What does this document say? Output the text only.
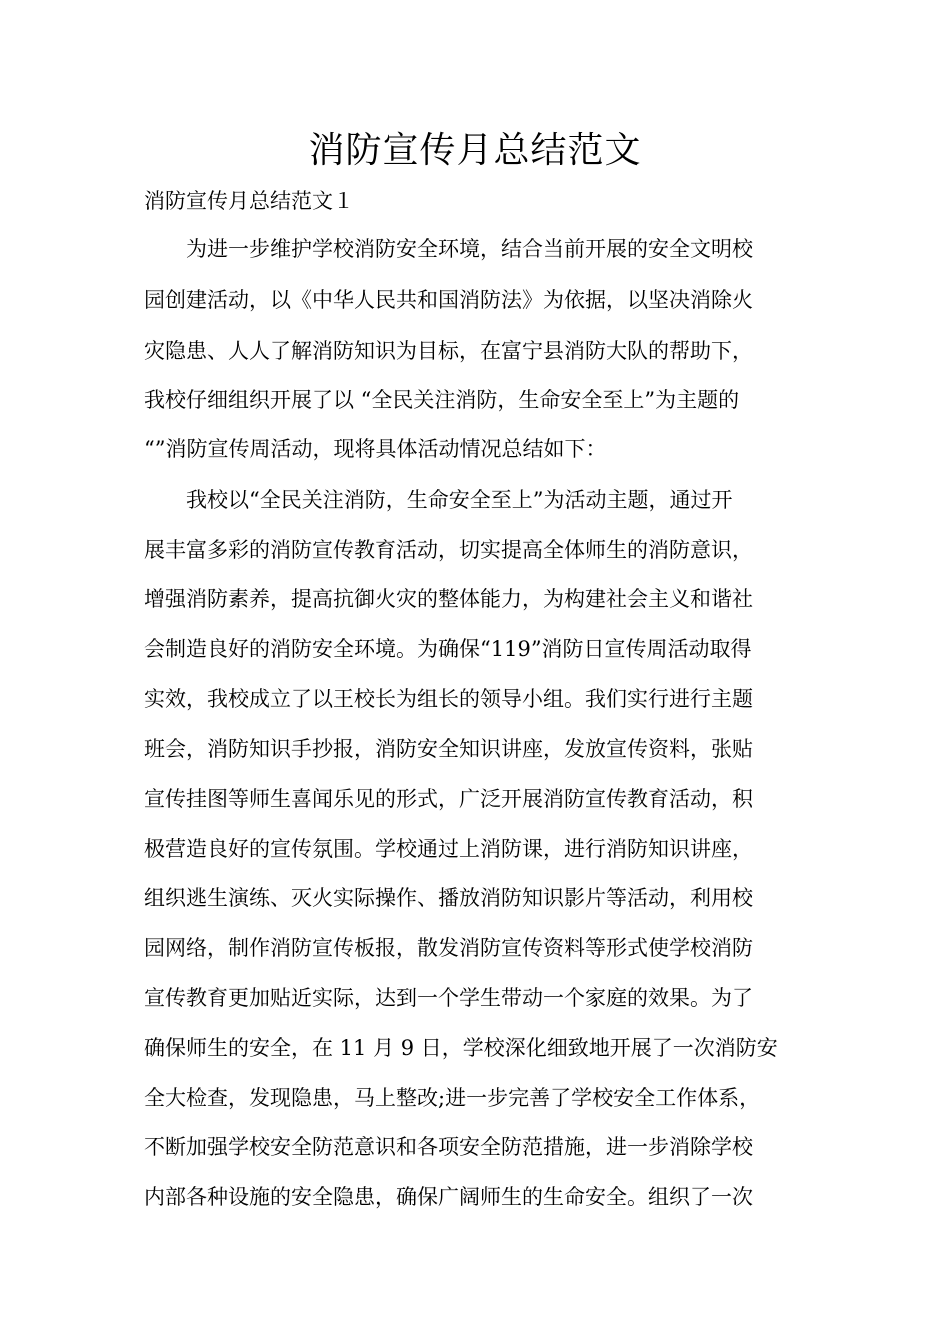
消防宣传月总结范文
消防宣传月总结范文１
　　为进一步维护学校消防安全环境，结合当前开展的安全文明校
园创建活动，以《中华人民共和国消防法》为依据，以坚决消除火
灾隐患、人人了解消防知识为目标，在富宁县消防大队的帮助下，
我校仔细组织开展了以 “全民关注消防，生命安全至上”为主题的
“”消防宣传周活动，现将具体活动情况总结如下：
　　我校以“全民关注消防，生命安全至上”为活动主题，通过开
展丰富多彩的消防宣传教育活动，切实提高全体师生的消防意识，
增强消防素养，提高抗御火灾的整体能力，为构建社会主义和谐社
会制造良好的消防安全环境。为确保“119”消防日宣传周活动取得
实效，我校成立了以王校长为组长的领导小组。我们实行进行主题
班会，消防知识手抄报，消防安全知识讲座，发放宣传资料，张贴
宣传挂图等师生喜闻乐见的形式，广泛开展消防宣传教育活动，积
极营造良好的宣传氛围。学校通过上消防课，进行消防知识讲座，
组织逃生演练、灭火实际操作、播放消防知识影片等活动，利用校
园网络，制作消防宣传板报，散发消防宣传资料等形式使学校消防
宣传教育更加贴近实际，达到一个学生带动一个家庭的效果。为了
确保师生的安全，在 11 月 9 日，学校深化细致地开展了一次消防安
全大检查，发现隐患，马上整改;进一步完善了学校安全工作体系，
不断加强学校安全防范意识和各项安全防范措施，进一步消除学校
内部各种设施的安全隐患，确保广阔师生的生命安全。组织了一次
